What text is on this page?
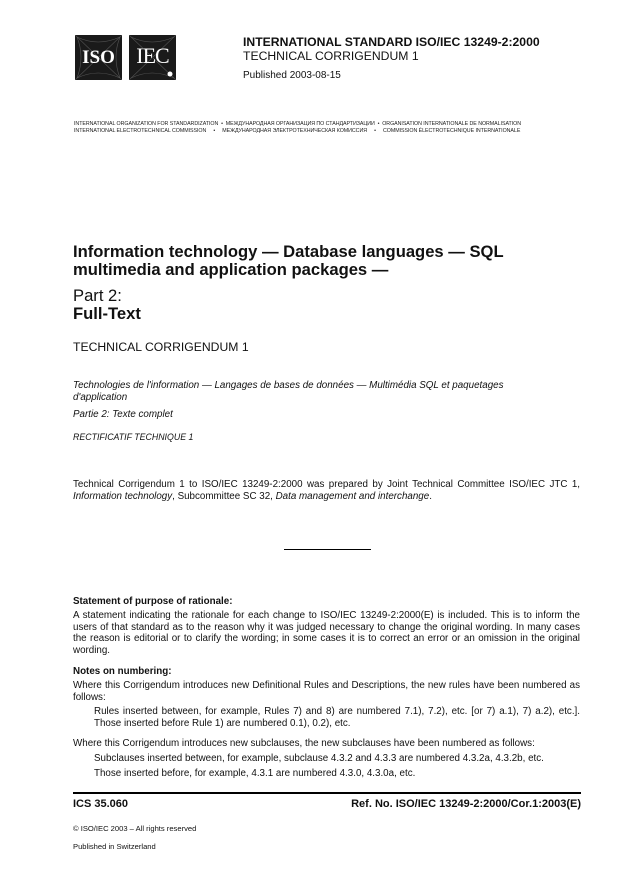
ISO IEC
INTERNATIONAL STANDARD ISO/IEC 13249-2:2000
TECHNICAL CORRIGENDUM 1
Published 2003-08-15
INTERNATIONAL ORGANIZATION FOR STANDARDIZATION  •  МЕЖДУНАРОДНАЯ ОРГАНИЗАЦИЯ ПО СТАНДАРТИЗАЦИИ  •  ORGANISATION INTERNATIONALE DE NORMALISATION
INTERNATIONAL ELECTROTECHNICAL COMMISSION     •     МЕЖДУНАРОДНАЯ ЭЛЕКТРОТЕХНИЧЕСКАЯ КОМИССИЯ     •     COMMISSION ÉLECTROTECHNIQUE INTERNATIONALE
Information technology — Database languages — SQL multimedia and application packages —
Part 2:
Full-Text
TECHNICAL CORRIGENDUM 1
Technologies de l'information — Langages de bases de données — Multimédia SQL et paquetages d'application
Partie 2: Texte complet
RECTIFICATIF TECHNIQUE 1
Technical Corrigendum 1 to ISO/IEC 13249-2:2000 was prepared by Joint Technical Committee ISO/IEC JTC 1, Information technology, Subcommittee SC 32, Data management and interchange.
Statement of purpose of rationale:
A statement indicating the rationale for each change to ISO/IEC 13249-2:2000(E) is included. This is to inform the users of that standard as to the reason why it was judged necessary to change the original wording. In many cases the reason is editorial or to clarify the wording; in some cases it is to correct an error or an omission in the original wording.
Notes on numbering:
Where this Corrigendum introduces new Definitional Rules and Descriptions, the new rules have been numbered as follows:
Rules inserted between, for example, Rules 7) and 8) are numbered 7.1), 7.2), etc. [or 7) a.1), 7) a.2), etc.]. Those inserted before Rule 1) are numbered 0.1), 0.2), etc.
Where this Corrigendum introduces new subclauses, the new subclauses have been numbered as follows:
Subclauses inserted between, for example, subclause 4.3.2 and 4.3.3 are numbered 4.3.2a, 4.3.2b, etc.
Those inserted before, for example, 4.3.1 are numbered 4.3.0, 4.3.0a, etc.
ICS 35.060	Ref. No. ISO/IEC 13249-2:2000/Cor.1:2003(E)
© ISO/IEC 2003 – All rights reserved
Published in Switzerland
